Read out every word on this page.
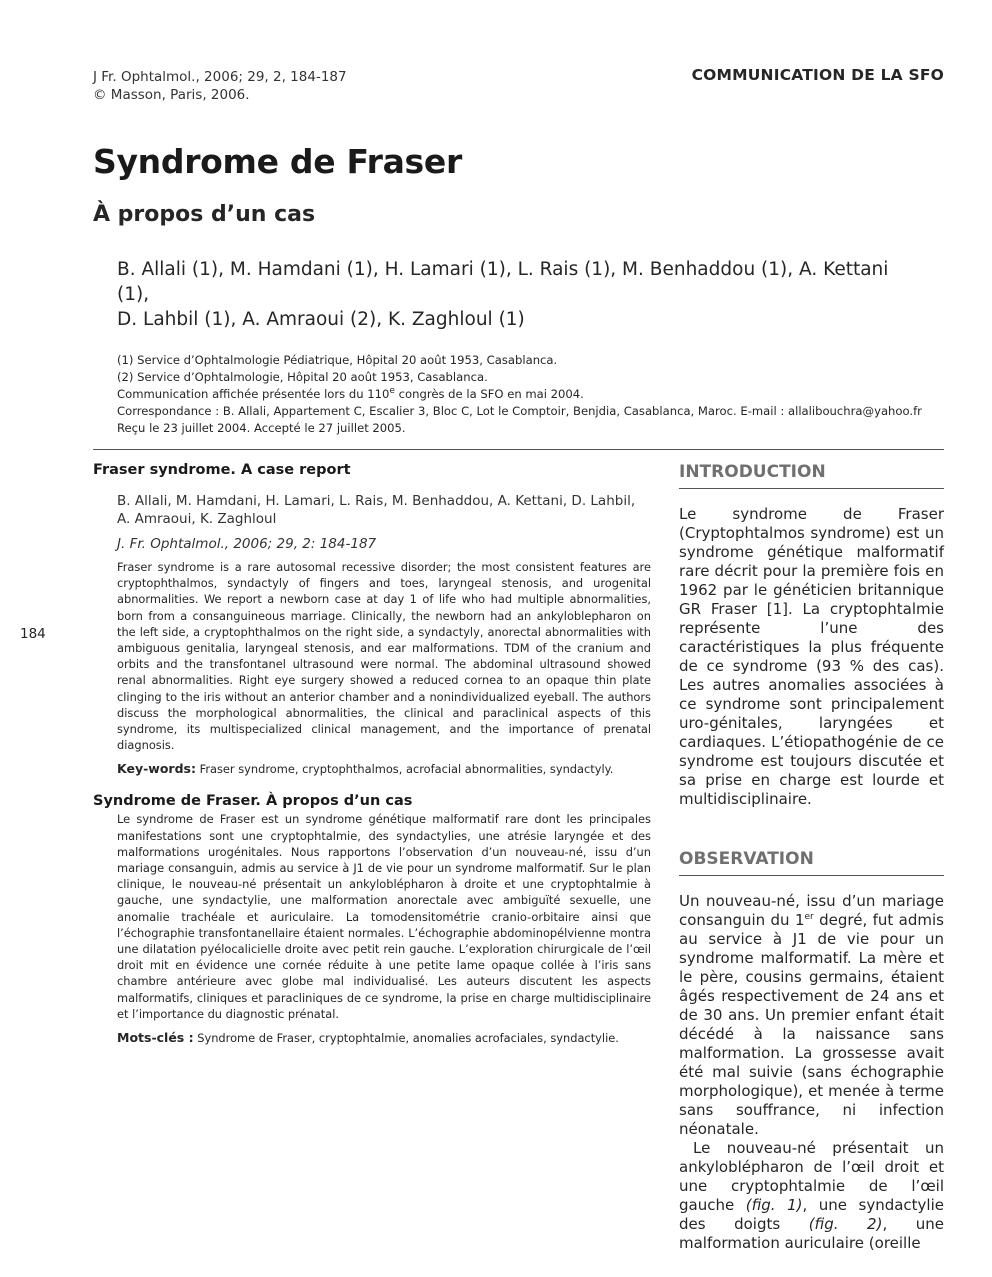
J Fr. Ophtalmol., 2006; 29, 2, 184-187
© Masson, Paris, 2006.
COMMUNICATION DE LA SFO
Syndrome de Fraser
À propos d’un cas
B. Allali (1), M. Hamdani (1), H. Lamari (1), L. Rais (1), M. Benhaddou (1), A. Kettani (1),
D. Lahbil (1), A. Amraoui (2), K. Zaghloul (1)
(1) Service d’Ophtalmologie Pédiatrique, Hôpital 20 août 1953, Casablanca.
(2) Service d’Ophtalmologie, Hôpital 20 août 1953, Casablanca.
Communication affichée présentée lors du 110e congrès de la SFO en mai 2004.
Correspondance : B. Allali, Appartement C, Escalier 3, Bloc C, Lot le Comptoir, Benjdia, Casablanca, Maroc. E-mail : allalibouchra@yahoo.fr
Reçu le 23 juillet 2004. Accepté le 27 juillet 2005.
184
Fraser syndrome. A case report
B. Allali, M. Hamdani, H. Lamari, L. Rais, M. Benhaddou, A. Kettani, D. Lahbil,
A. Amraoui, K. Zaghloul
J. Fr. Ophtalmol., 2006; 29, 2: 184-187
Fraser syndrome is a rare autosomal recessive disorder; the most consistent features are cryptophthalmos, syndactyly of fingers and toes, laryngeal stenosis, and urogenital abnormalities. We report a newborn case at day 1 of life who had multiple abnormalities, born from a consanguineous marriage. Clinically, the newborn had an ankyloblepharon on the left side, a cryptophthalmos on the right side, a syndactyly, anorectal abnormalities with ambiguous genitalia, laryngeal stenosis, and ear malformations. TDM of the cranium and orbits and the transfontanel ultrasound were normal. The abdominal ultrasound showed renal abnormalities. Right eye surgery showed a reduced cornea to an opaque thin plate clinging to the iris without an anterior chamber and a nonindividualized eyeball. The authors discuss the morphological abnormalities, the clinical and paraclinical aspects of this syndrome, its multispecialized clinical management, and the importance of prenatal diagnosis.
Key-words: Fraser syndrome, cryptophthalmos, acrofacial abnormalities, syndactyly.
Syndrome de Fraser. À propos d’un cas
Le syndrome de Fraser est un syndrome génétique malformatif rare dont les principales manifestations sont une cryptophtalmie, des syndactylies, une atrésie laryngée et des malformations urogénitales. Nous rapportons l’observation d’un nouveau-né, issu d’un mariage consanguin, admis au service à J1 de vie pour un syndrome malformatif. Sur le plan clinique, le nouveau-né présentait un ankyloblépharon à droite et une cryptophtalmie à gauche, une syndactylie, une malformation anorectale avec ambiguïté sexuelle, une anomalie trachéale et auriculaire. La tomodensitométrie cranio-orbitaire ainsi que l’échographie transfontanellaire étaient normales. L’échographie abdominopélvienne montra une dilatation pyélocalicielle droite avec petit rein gauche. L’exploration chirurgicale de l’œil droit mit en évidence une cornée réduite à une petite lame opaque collée à l’iris sans chambre antérieure avec globe mal individualisé. Les auteurs discutent les aspects malformatifs, cliniques et paracliniques de ce syndrome, la prise en charge multidisciplinaire et l’importance du diagnostic prénatal.
Mots-clés : Syndrome de Fraser, cryptophtalmie, anomalies acrofaciales, syndactylie.
INTRODUCTION

Le syndrome de Fraser (Cryptophtalmos syndrome) est un syndrome génétique malformatif rare décrit pour la première fois en 1962 par le généticien britannique GR Fraser [1]. La cryptophtalmie représente l’une des caractéristiques la plus fréquente de ce syndrome (93 % des cas). Les autres anomalies associées à ce syndrome sont principalement uro-génitales, laryngées et cardiaques. L’étiopathogénie de ce syndrome est toujours discutée et sa prise en charge est lourde et multidisciplinaire.

OBSERVATION

Un nouveau-né, issu d’un mariage consanguin du 1er degré, fut admis au service à J1 de vie pour un syndrome malformatif. La mère et le père, cousins germains, étaient âgés respectivement de 24 ans et de 30 ans. Un premier enfant était décédé à la naissance sans malformation. La grossesse avait été mal suivie (sans échographie morphologique), et menée à terme sans souffrance, ni infection néonatale.

Le nouveau-né présentait un ankyloblépharon de l’œil droit et une cryptophtalmie de l’œil gauche (fig. 1), une syndactylie des doigts (fig. 2), une malformation auriculaire (oreille
